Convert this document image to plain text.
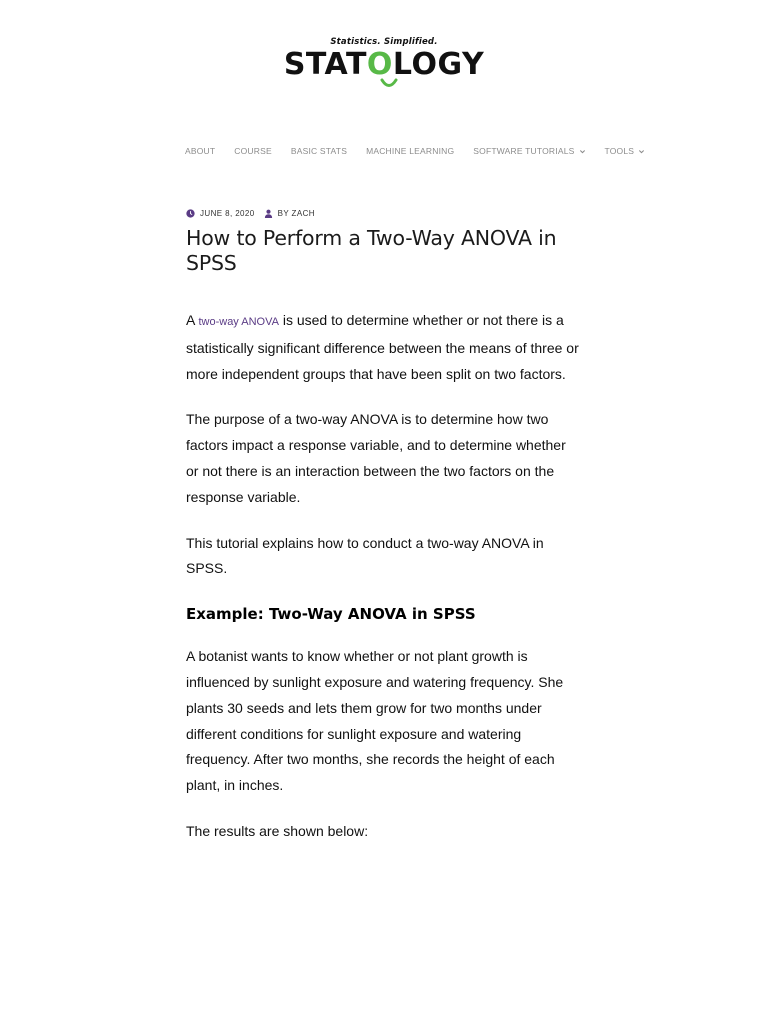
Statistics. Simplified.
STATOLOGY
ABOUT COURSE BASIC STATS MACHINE LEARNING SOFTWARE TUTORIALS	TOOLS
JUNE 8, 2020	BY ZACH
How to Perform a Two-Way ANOVA in SPSS

A two-way ANOVA is used to determine whether or not there is a statistically significant difference between the means of three or more independent groups that have been split on two factors.

The purpose of a two-way ANOVA is to determine how two factors impact a response variable, and to determine whether or not there is an interaction between the two factors on the response variable.

This tutorial explains how to conduct a two-way ANOVA in SPSS.

Example: Two-Way ANOVA in SPSS

A botanist wants to know whether or not plant growth is influenced by sunlight exposure and watering frequency. She plants 30 seeds and lets them grow for two months under different conditions for sunlight exposure and watering frequency. After two months, she records the height of each plant, in inches.

The results are shown below:
